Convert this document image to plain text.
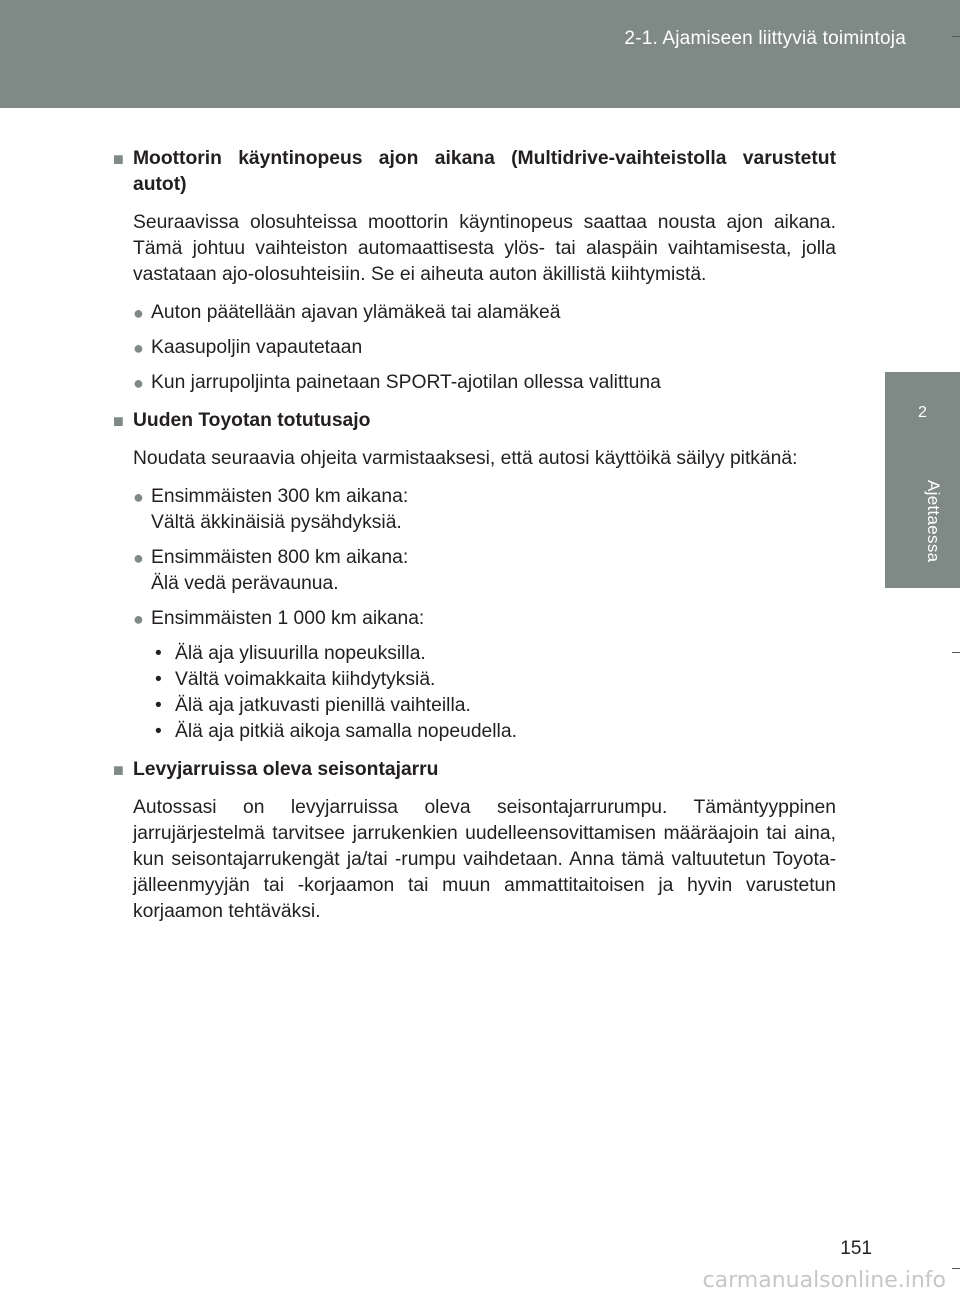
2-1. Ajamiseen liittyviä toimintoja
2
Ajettaessa
■ Moottorin käyntinopeus ajon aikana (Multidrive-vaihteistolla varustetut autot)
Seuraavissa olosuhteissa moottorin käyntinopeus saattaa nousta ajon aikana. Tämä johtuu vaihteiston automaattisesta ylös- tai alaspäin vaihtamisesta, jolla vastataan ajo-olosuhteisiin. Se ei aiheuta auton äkillistä kiihtymistä.
● Auton päätellään ajavan ylämäkeä tai alamäkeä
● Kaasupoljin vapautetaan
● Kun jarrupoljinta painetaan SPORT-ajotilan ollessa valittuna
■ Uuden Toyotan totutusajo
Noudata seuraavia ohjeita varmistaaksesi, että autosi käyttöikä säilyy pitkänä:
● Ensimmäisten 300 km aikana:
Vältä äkkinäisiä pysähdyksiä.
● Ensimmäisten 800 km aikana:
Älä vedä perävaunua.
● Ensimmäisten 1 000 km aikana:
• Älä aja ylisuurilla nopeuksilla.
• Vältä voimakkaita kiihdytyksiä.
• Älä aja jatkuvasti pienillä vaihteilla.
• Älä aja pitkiä aikoja samalla nopeudella.
■ Levyjarruissa oleva seisontajarru
Autossasi on levyjarruissa oleva seisontajarrurumpu. Tämäntyyppinen jarrujärjestelmä tarvitsee jarrukenkien uudelleensovittamisen määräajoin tai aina, kun seisontajarrukengät ja/tai -rumpu vaihdetaan. Anna tämä valtuutetun Toyota-jälleenmyyjän tai -korjaamon tai muun ammattitaitoisen ja hyvin varustetun korjaamon tehtäväksi.
151
carmanualsonline.info
